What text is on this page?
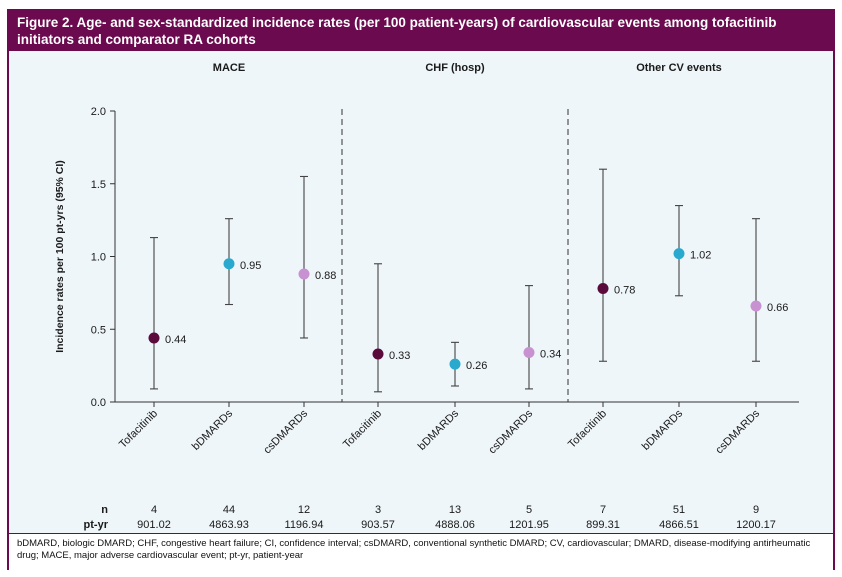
Figure 2. Age- and sex-standardized incidence rates (per 100 patient-years) of cardiovascular events among tofacitinib initiators and comparator RA cohorts
0.0
0.5
1.0
1.5
2.0
Incidence rates per 100 pt-yrs (95% CI)
n
pt-yr
MACE
0.44
Tofacitinib
4
901.02
0.95
bDMARDs
44
4863.93
0.88
csDMARDs
12
1196.94
CHF (hosp)
0.33
Tofacitinib
3
903.57
0.26
bDMARDs
13
4888.06
0.34
csDMARDs
5
1201.95
Other CV events
0.78
Tofacitinib
7
899.31
1.02
bDMARDs
51
4866.51
0.66
csDMARDs
9
1200.17
bDMARD, biologic DMARD; CHF, congestive heart failure; CI, confidence interval; csDMARD, conventional synthetic DMARD; CV, cardiovascular; DMARD, disease-modifying antirheumatic drug; MACE, major adverse cardiovascular event; pt-yr, patient-year
